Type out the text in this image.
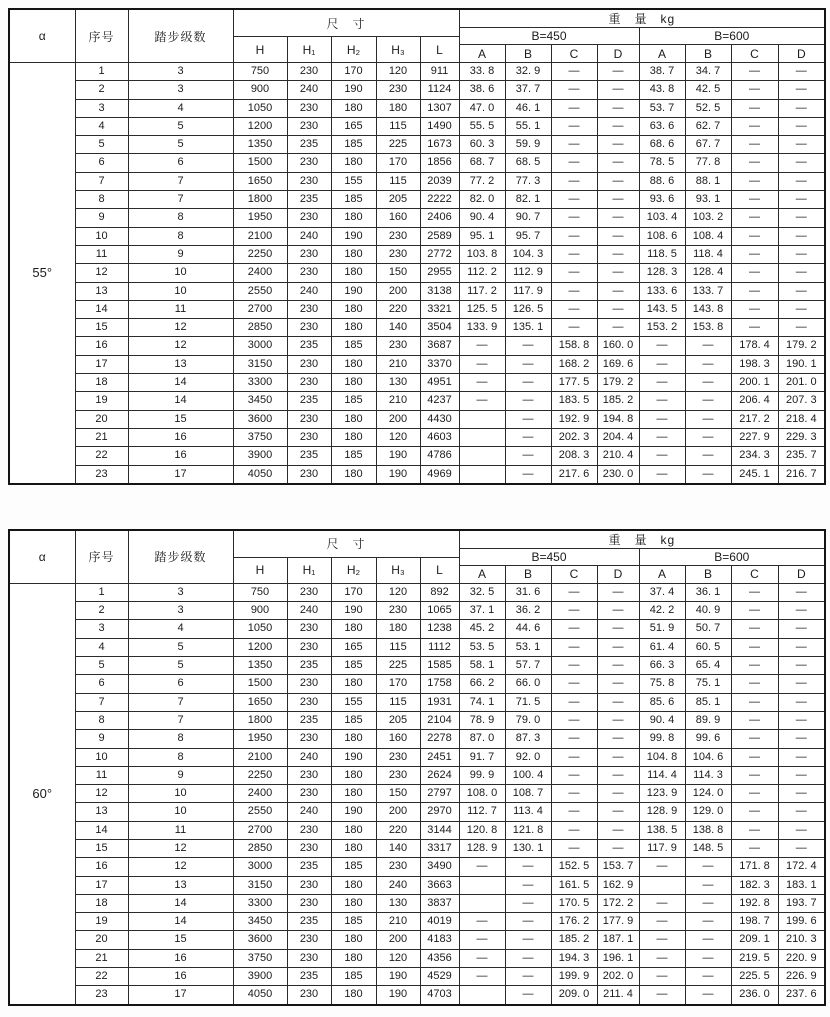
α	序号	踏步级数	尺　寸					重　量　kg							
								B=450				B=600			
			H	H₁	H₂	H₃	L								
								A	B	C	D	A	B	C	D
55°	1	3	750	230	170	120	911	33. 8	32. 9	—	—	38. 7	34. 7	—	—
	2	3	900	240	190	230	1124	38. 6	37. 7	—	—	43. 8	42. 5	—	—
	3	4	1050	230	180	180	1307	47. 0	46. 1	—	—	53. 7	52. 5	—	—
	4	5	1200	230	165	115	1490	55. 5	55. 1	—	—	63. 6	62. 7	—	—
	5	5	1350	235	185	225	1673	60. 3	59. 9	—	—	68. 6	67. 7	—	—
	6	6	1500	230	180	170	1856	68. 7	68. 5	—	—	78. 5	77. 8	—	—
	7	7	1650	230	155	115	2039	77. 2	77. 3	—	—	88. 6	88. 1	—	—
	8	7	1800	235	185	205	2222	82. 0	82. 1	—	—	93. 6	93. 1	—	—
	9	8	1950	230	180	160	2406	90. 4	90. 7	—	—	103. 4	103. 2	—	—
	10	8	2100	240	190	230	2589	95. 1	95. 7	—	—	108. 6	108. 4	—	—
	11	9	2250	230	180	230	2772	103. 8	104. 3	—	—	118. 5	118. 4	—	—
	12	10	2400	230	180	150	2955	112. 2	112. 9	—	—	128. 3	128. 4	—	—
	13	10	2550	240	190	200	3138	117. 2	117. 9	—	—	133. 6	133. 7	—	—
	14	11	2700	230	180	220	3321	125. 5	126. 5	—	—	143. 5	143. 8	—	—
	15	12	2850	230	180	140	3504	133. 9	135. 1	—	—	153. 2	153. 8	—	—
	16	12	3000	235	185	230	3687	—	—	158. 8	160. 0	—	—	178. 4	179. 2
	17	13	3150	230	180	210	3370	—	—	168. 2	169. 6	—	—	198. 3	190. 1
	18	14	3300	230	180	130	4951	—	—	177. 5	179. 2	—	—	200. 1	201. 0
	19	14	3450	235	185	210	4237	—	—	183. 5	185. 2	—	—	206. 4	207. 3
	20	15	3600	230	180	200	4430		—	192. 9	194. 8	—	—	217. 2	218. 4
	21	16	3750	230	180	120	4603		—	202. 3	204. 4	—	—	227. 9	229. 3
	22	16	3900	235	185	190	4786		—	208. 3	210. 4	—	—	234. 3	235. 7
	23	17	4050	230	180	190	4969		—	217. 6	230. 0	—	—	245. 1	216. 7
α	序号	踏步级数	尺　寸					重　量　kg							
								B=450				B=600			
			H	H₁	H₂	H₃	L								
								A	B	C	D	A	B	C	D
60°	1	3	750	230	170	120	892	32. 5	31. 6	—	—	37. 4	36. 1	—	—
	2	3	900	240	190	230	1065	37. 1	36. 2	—	—	42. 2	40. 9	—	—
	3	4	1050	230	180	180	1238	45. 2	44. 6	—	—	51. 9	50. 7	—	—
	4	5	1200	230	165	115	1112	53. 5	53. 1	—	—	61. 4	60. 5	—	—
	5	5	1350	235	185	225	1585	58. 1	57. 7	—	—	66. 3	65. 4	—	—
	6	6	1500	230	180	170	1758	66. 2	66. 0	—	—	75. 8	75. 1	—	—
	7	7	1650	230	155	115	1931	74. 1	71. 5	—	—	85. 6	85. 1	—	—
	8	7	1800	235	185	205	2104	78. 9	79. 0	—	—	90. 4	89. 9	—	—
	9	8	1950	230	180	160	2278	87. 0	87. 3	—	—	99. 8	99. 6	—	—
	10	8	2100	240	190	230	2451	91. 7	92. 0	—	—	104. 8	104. 6	—	—
	11	9	2250	230	180	230	2624	99. 9	100. 4	—	—	114. 4	114. 3	—	—
	12	10	2400	230	180	150	2797	108. 0	108. 7	—	—	123. 9	124. 0	—	—
	13	10	2550	240	190	200	2970	112. 7	113. 4	—	—	128. 9	129. 0	—	—
	14	11	2700	230	180	220	3144	120. 8	121. 8	—	—	138. 5	138. 8	—	—
	15	12	2850	230	180	140	3317	128. 9	130. 1	—	—	117. 9	148. 5	—	—
	16	12	3000	235	185	230	3490	—	—	152. 5	153. 7	—	—	171. 8	172. 4
	17	13	3150	230	180	240	3663		—	161. 5	162. 9		—	182. 3	183. 1
	18	14	3300	230	180	130	3837		—	170. 5	172. 2	—	—	192. 8	193. 7
	19	14	3450	235	185	210	4019	—	—	176. 2	177. 9	—	—	198. 7	199. 6
	20	15	3600	230	180	200	4183	—	—	185. 2	187. 1	—	—	209. 1	210. 3
	21	16	3750	230	180	120	4356	—	—	194. 3	196. 1	—	—	219. 5	220. 9
	22	16	3900	235	185	190	4529	—	—	199. 9	202. 0	—	—	225. 5	226. 9
	23	17	4050	230	180	190	4703		—	209. 0	211. 4	—	—	236. 0	237. 6
